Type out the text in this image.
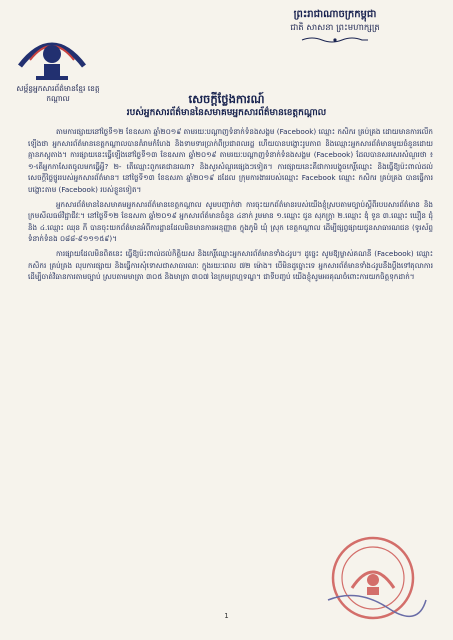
សម្ព័ន្ធអ្នកសារព័ត៌មានខ្មែរ ខេត្តកណ្ដាល
ព្រះរាជាណាចក្រកម្ពុជា
ជាតិ សាសនា ព្រះមហាក្សត្រ
សេចក្តីថ្លែងការណ៍
របស់អ្នកសារព័ត៌មាននៃសមាគមអ្នកសារព័ត៌មានខេត្តកណ្តាល

តាមការផ្សាយនៅថ្ងៃទី១២ ខែឧសភា ឆ្នាំ២០១៩ តាមរយៈបណ្តាញទំនាក់ទំនងសង្គម (Facebook) ឈ្មោះ កសិករ គ្រប់គ្រង ដោយមានការលើកឡើងថា អ្នកសារព័ត៌មានខេត្តកណ្តាលបានគំរាមកំហែង និងទាមទារប្រាក់ពីប្រជាពលរដ្ឋ ហើយបានបង្ហោះរូបភាព និងឈ្មោះអ្នកសារព័ត៌មានមួយចំនួនដោយគ្មានភស្តុតាង។ ការផ្សាយនេះធ្វើឡើងនៅថ្ងៃទី១៣ ខែឧសភា ឆ្នាំ២០១៩ តាមរយៈបណ្តាញទំនាក់ទំនងសង្គម (Facebook) ដែលបានសរសេរសំណួរថា ៖ ១-តើអ្នកកាសែតចូលមកធ្វើអ្វី? ២- តើឈ្មោះពួកគេជានរណា? និងសួរសំណួរផ្សេងៗទៀត។ ការផ្សាយនេះគឺជាការបង្ខូចកេរ្តិ៍ឈ្មោះ និងធ្វើឱ្យប៉ះពាល់ដល់សេចក្តីថ្លៃថ្នូររបស់អ្នកសារព័ត៌មាន។ នៅថ្ងៃទី១៣ ខែឧសភា ឆ្នាំ២០១៩ ដដែល ក្រុមការងាររបស់ឈ្មោះ Facebook ឈ្មោះ កសិករ គ្រប់គ្រង បានធ្វើការបង្ហោះតាម (Facebook) របស់ខ្លួនទៀត។

អ្នកសារព័ត៌មាននៃសមាគមអ្នកសារព័ត៌មានខេត្តកណ្តាល សូមបញ្ជាក់ថា ការចុះយកព័ត៌មានរបស់យើងខ្ញុំស្របតាមច្បាប់ស្តីពីរបបសារព័ត៌មាន និងក្រមសីលធម៌វិជ្ជាជីវៈ។ នៅថ្ងៃទី១២ ខែឧសភា ឆ្នាំ២០១៩ អ្នកសារព័ត៌មានចំនួន ៤នាក់ រួមមាន ១.ឈ្មោះ ជួន សុភក្ត្រា ២.ឈ្មោះ ឌុំ ទួន ៣.ឈ្មោះ ឃឿន ជុំ និង ៤.ឈ្មោះ ឈុន ភី បានចុះយកព័ត៌មានអំពីការដ្ឋានដែលមិនមានការអនុញ្ញាត ក្នុងភូមិ ឃុំ ស្រុក ខេត្តកណ្តាល ដើម្បីផ្សព្វផ្សាយជូនសាធារណជន (ទូរស័ព្ទទំនាក់ទំនង ០៨៨-៩១១១៥៩)។

ការផ្សាយដែលមិនពិតនេះ ធ្វើឱ្យប៉ះពាល់ដល់កិត្តិយស និងកេរ្តិ៍ឈ្មោះអ្នកសារព័ត៌មានទាំង៤រូប។ ដូច្នេះ សូមឱ្យម្ចាស់គណនី (Facebook) ឈ្មោះ កសិករ គ្រប់គ្រង លុបការផ្សាយ និងធ្វើការសុំទោសជាសាធារណៈ ក្នុងរយៈពេល ៧២ ម៉ោង។ បើមិនដូច្នោះទេ អ្នកសារព័ត៌មានទាំង៤រូបនឹងប្តឹងទៅតុលាការដើម្បីចាត់វិធានការតាមច្បាប់ ស្របតាមមាត្រា ៣០៥ និងមាត្រា ៣០៧ នៃក្រមព្រហ្មទណ្ឌ។ ជាទីបញ្ចប់ យើងខ្ញុំសូមអរគុណចំពោះការយកចិត្តទុកដាក់។

1
